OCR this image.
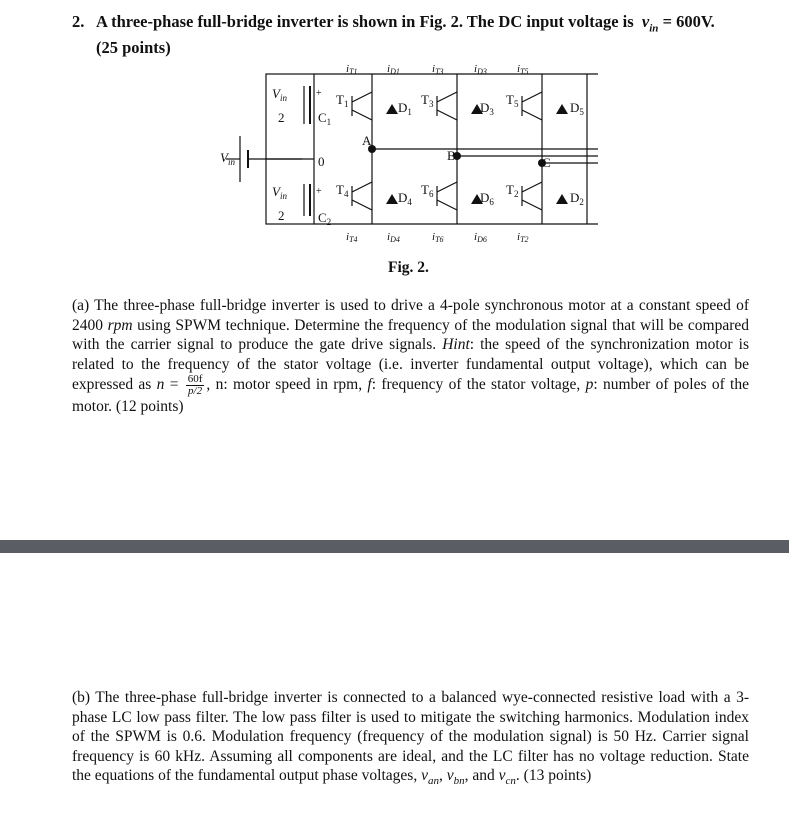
2. A three-phase full-bridge inverter is shown in Fig. 2. The DC input voltage is $v_{in} = 600V$.
(25 points)
$V_{in}$
$V_{in}$
2
$V_{in}$
2
+
+
$C_1$
$C_2$
0
A
B	C
$T_1$	$T_3$	$T_5$
$T_4$	$T_6$	$T_2$
$D_1$	$D_3$	$D_5$
$D_4$	$D_6$	$D_2$
iT1	iD1	iT3	iD3	iT5
iT4	iD4	iT6	iD6	iT2
Fig. 2.
(a) The three-phase full-bridge inverter is used to drive a 4-pole synchronous motor at a constant speed of 2400 rpm using SPWM technique. Determine the frequency of the modulation signal that will be compared with the carrier signal to produce the gate drive signals. Hint: the speed of the synchronization motor is related to the frequency of the stator voltage (i.e. inverter fundamental output voltage), which can be expressed as $n = \frac{60f}{p/2}$ , n: motor speed in rpm, f: frequency of the stator voltage, p: number of poles of the motor. (12 points)
(b) The three-phase full-bridge inverter is connected to a balanced wye-connected resistive load with a 3-phase LC low pass filter. The low pass filter is used to mitigate the switching harmonics. Modulation index of the SPWM is 0.6. Modulation frequency (frequency of the modulation signal) is 50 Hz. Carrier signal frequency is 60 kHz. Assuming all components are ideal, and the LC filter has no voltage reduction. State the equations of the fundamental output phase voltages, $v_{an}$, $v_{bn}$, and $v_{cn}$. (13 points)
